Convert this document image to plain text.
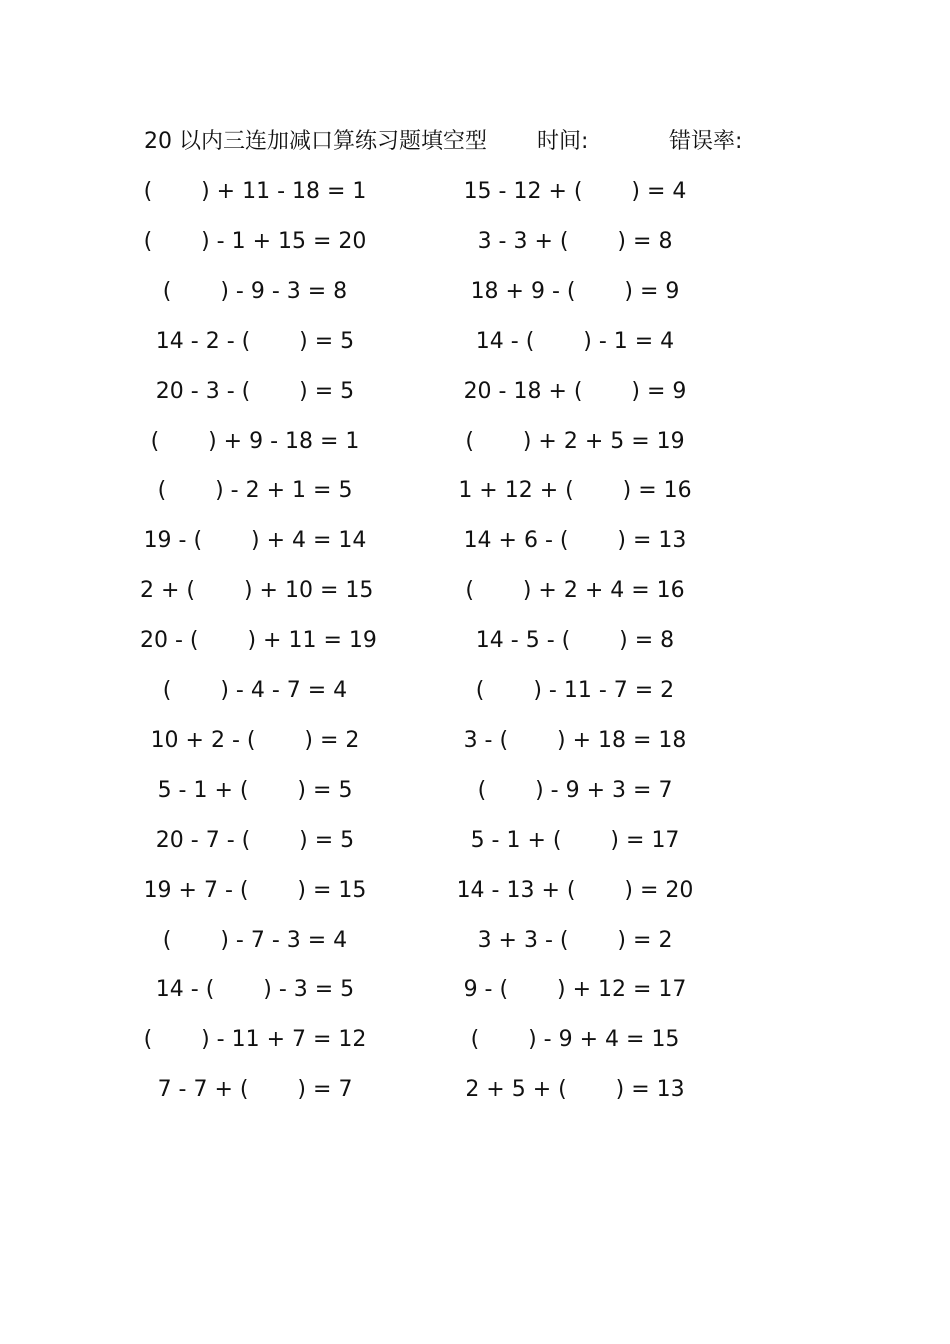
20 以内三连加减口算练习题填空型 时间:	错误率:
(       ) + 11 - 18 = 1	15 - 12 + (       ) = 4
(       ) - 1 + 15 = 20	3 - 3 + (       ) = 8
(       ) - 9 - 3 = 8	18 + 9 - (       ) = 9
14 - 2 - (       ) = 5	14 - (       ) - 1 = 4
20 - 3 - (       ) = 5	20 - 18 + (       ) = 9
(       ) + 9 - 18 = 1	(       ) + 2 + 5 = 19
(       ) - 2 + 1 = 5	1 + 12 + (       ) = 16
19 - (       ) + 4 = 14	14 + 6 - (       ) = 13
2 + (       ) + 10 = 15	(       ) + 2 + 4 = 16
20 - (       ) + 11 = 19	14 - 5 - (       ) = 8
(       ) - 4 - 7 = 4	(       ) - 11 - 7 = 2
10 + 2 - (       ) = 2	3 - (       ) + 18 = 18
5 - 1 + (       ) = 5	(       ) - 9 + 3 = 7
20 - 7 - (       ) = 5	5 - 1 + (       ) = 17
19 + 7 - (       ) = 15	14 - 13 + (       ) = 20
(       ) - 7 - 3 = 4	3 + 3 - (       ) = 2
14 - (       ) - 3 = 5	9 - (       ) + 12 = 17
(       ) - 11 + 7 = 12	(       ) - 9 + 4 = 15
7 - 7 + (       ) = 7	2 + 5 + (       ) = 13
